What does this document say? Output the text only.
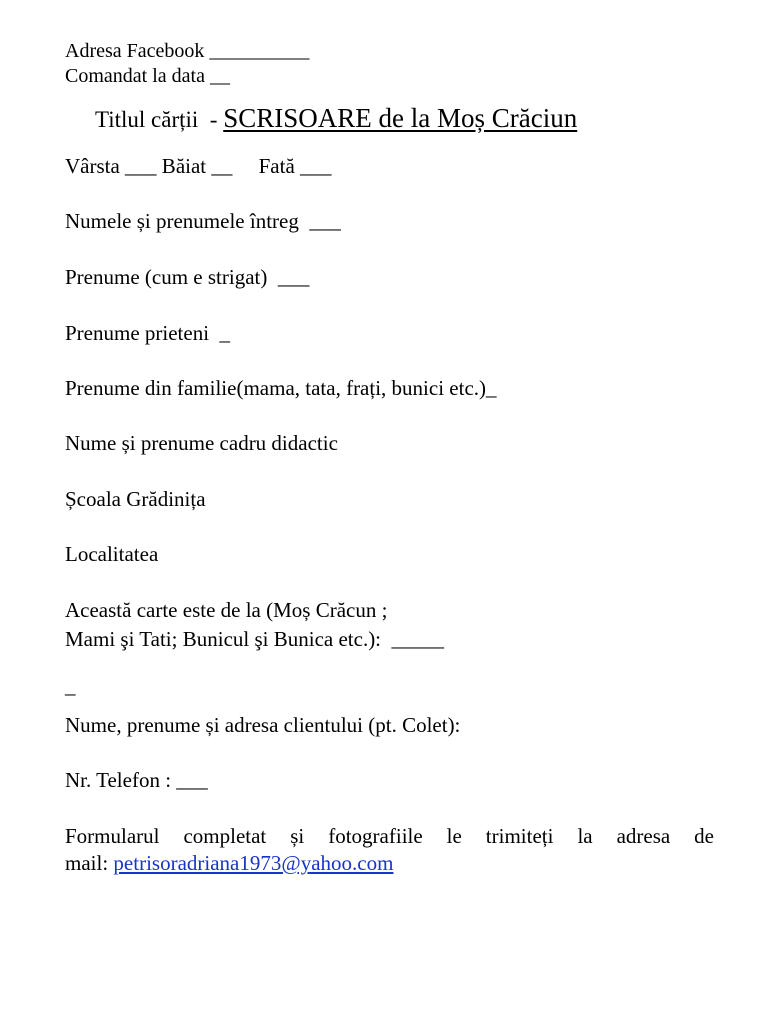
Adresa Facebook __________
Comandat la data __
Titlul cărții  - SCRISOARE de la Moș Crăciun
Vârsta ___ Băiat __     Fată ___
Numele și prenumele întreg  ___
Prenume (cum e strigat)  ___
Prenume prieteni  _
Prenume din familie(mama, tata, frați, bunici etc.)_
Nume și prenume cadru didactic
Școala Grădinița
Localitatea
Această carte este de la (Moș Crăcun ;
Mami şi Tati; Bunicul şi Bunica etc.):  _____
_
Nume, prenume și adresa clientului (pt. Colet):
Nr. Telefon : ___
Formularul completat și fotografiile le trimiteți la adresa de
mail: petrisoradriana1973@yahoo.com
